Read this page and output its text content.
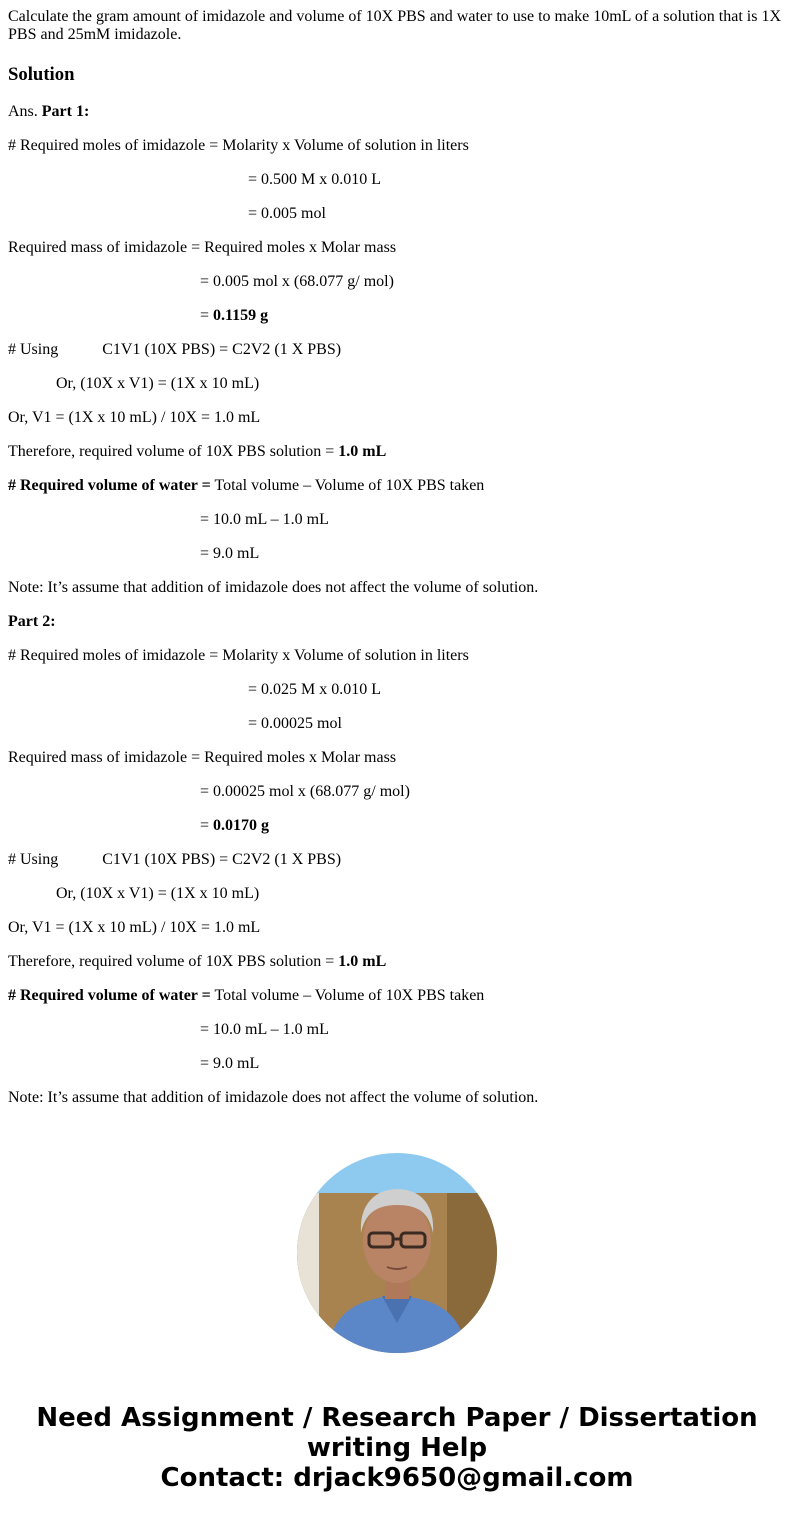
Calculate the gram amount of imidazole and volume of 10X PBS and water to use to make 10mL of a solution that is 1X PBS and 25mM imidazole.

Solution
Ans. Part 1:
# Required moles of imidazole = Molarity x Volume of solution in liters
= 0.500 M x 0.010 L
= 0.005 mol
Required mass of imidazole = Required moles x Molar mass
= 0.005 mol x (68.077 g/ mol)
= 0.1159 g
# Using	C1V1 (10X PBS) = C2V2 (1 X PBS)
Or, (10X x V1) = (1X x 10 mL)
Or, V1 = (1X x 10 mL) / 10X = 1.0 mL
Therefore, required volume of 10X PBS solution = 1.0 mL
# Required volume of water = Total volume – Volume of 10X PBS taken
= 10.0 mL – 1.0 mL
= 9.0 mL
Note: It’s assume that addition of imidazole does not affect the volume of solution.
Part 2:
# Required moles of imidazole = Molarity x Volume of solution in liters
= 0.025 M x 0.010 L
= 0.00025 mol
Required mass of imidazole = Required moles x Molar mass
= 0.00025 mol x (68.077 g/ mol)
= 0.0170 g
# Using	C1V1 (10X PBS) = C2V2 (1 X PBS)
Or, (10X x V1) = (1X x 10 mL)
Or, V1 = (1X x 10 mL) / 10X = 1.0 mL
Therefore, required volume of 10X PBS solution = 1.0 mL
# Required volume of water = Total volume – Volume of 10X PBS taken
= 10.0 mL – 1.0 mL
= 9.0 mL
Note: It’s assume that addition of imidazole does not affect the volume of solution.
Need Assignment / Research Paper / Dissertation
writing Help
Contact: drjack9650@gmail.com
